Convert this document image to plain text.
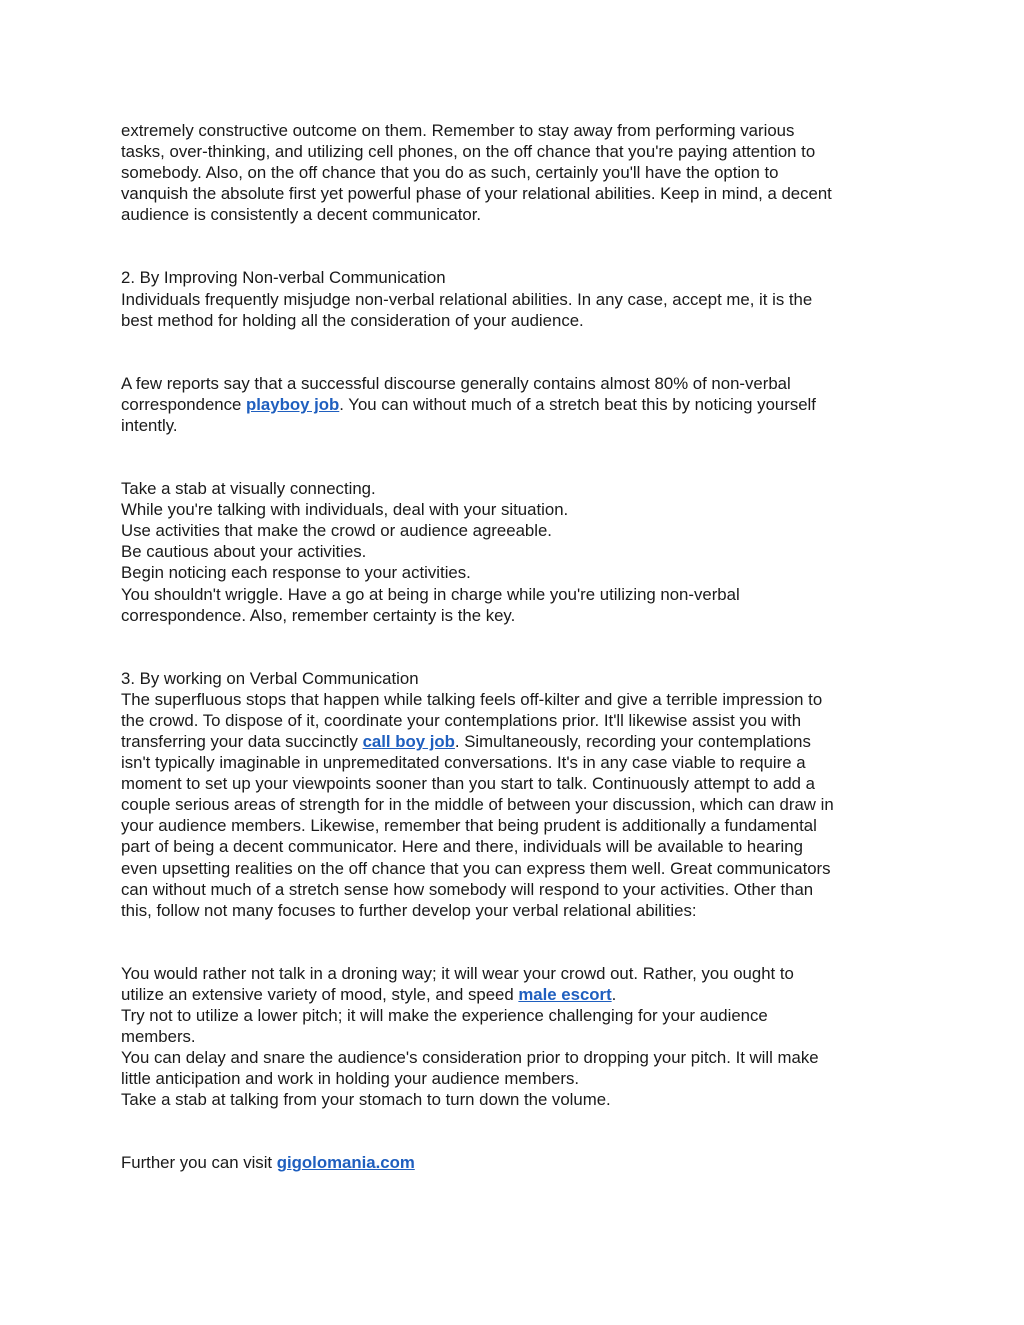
extremely constructive outcome on them. Remember to stay away from performing various
tasks, over-thinking, and utilizing cell phones, on the off chance that you're paying attention to
somebody. Also, on the off chance that you do as such, certainly you'll have the option to
vanquish the absolute first yet powerful phase of your relational abilities. Keep in mind, a decent
audience is consistently a decent communicator.
2. By Improving Non-verbal Communication
Individuals frequently misjudge non-verbal relational abilities. In any case, accept me, it is the
best method for holding all the consideration of your audience.
A few reports say that a successful discourse generally contains almost 80% of non-verbal
correspondence playboy job. You can without much of a stretch beat this by noticing yourself
intently.
Take a stab at visually connecting.
While you're talking with individuals, deal with your situation.
Use activities that make the crowd or audience agreeable.
Be cautious about your activities.
Begin noticing each response to your activities.
You shouldn't wriggle. Have a go at being in charge while you're utilizing non-verbal
correspondence. Also, remember certainty is the key.
3. By working on Verbal Communication
The superfluous stops that happen while talking feels off-kilter and give a terrible impression to
the crowd. To dispose of it, coordinate your contemplations prior. It'll likewise assist you with
transferring your data succinctly call boy job. Simultaneously, recording your contemplations
isn't typically imaginable in unpremeditated conversations. It's in any case viable to require a
moment to set up your viewpoints sooner than you start to talk. Continuously attempt to add a
couple serious areas of strength for in the middle of between your discussion, which can draw in
your audience members. Likewise, remember that being prudent is additionally a fundamental
part of being a decent communicator. Here and there, individuals will be available to hearing
even upsetting realities on the off chance that you can express them well. Great communicators
can without much of a stretch sense how somebody will respond to your activities. Other than
this, follow not many focuses to further develop your verbal relational abilities:
You would rather not talk in a droning way; it will wear your crowd out. Rather, you ought to
utilize an extensive variety of mood, style, and speed male escort.
Try not to utilize a lower pitch; it will make the experience challenging for your audience
members.
You can delay and snare the audience's consideration prior to dropping your pitch. It will make
little anticipation and work in holding your audience members.
Take a stab at talking from your stomach to turn down the volume.
Further you can visit gigolomania.com
